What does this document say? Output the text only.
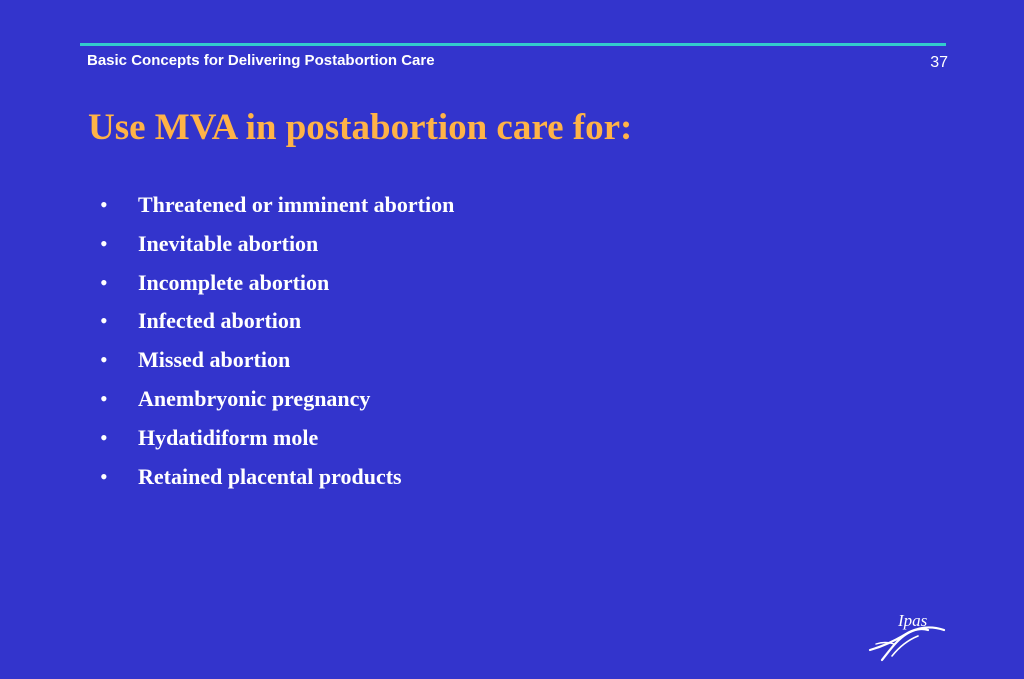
Basic Concepts for Delivering Postabortion Care	37
Use MVA in postabortion care for:
•	Threatened or imminent abortion
•	Inevitable abortion
•	Incomplete abortion
•	Infected abortion
•	Missed abortion
•	Anembryonic pregnancy
•	Hydatidiform mole
•	Retained placental products
Ipas
